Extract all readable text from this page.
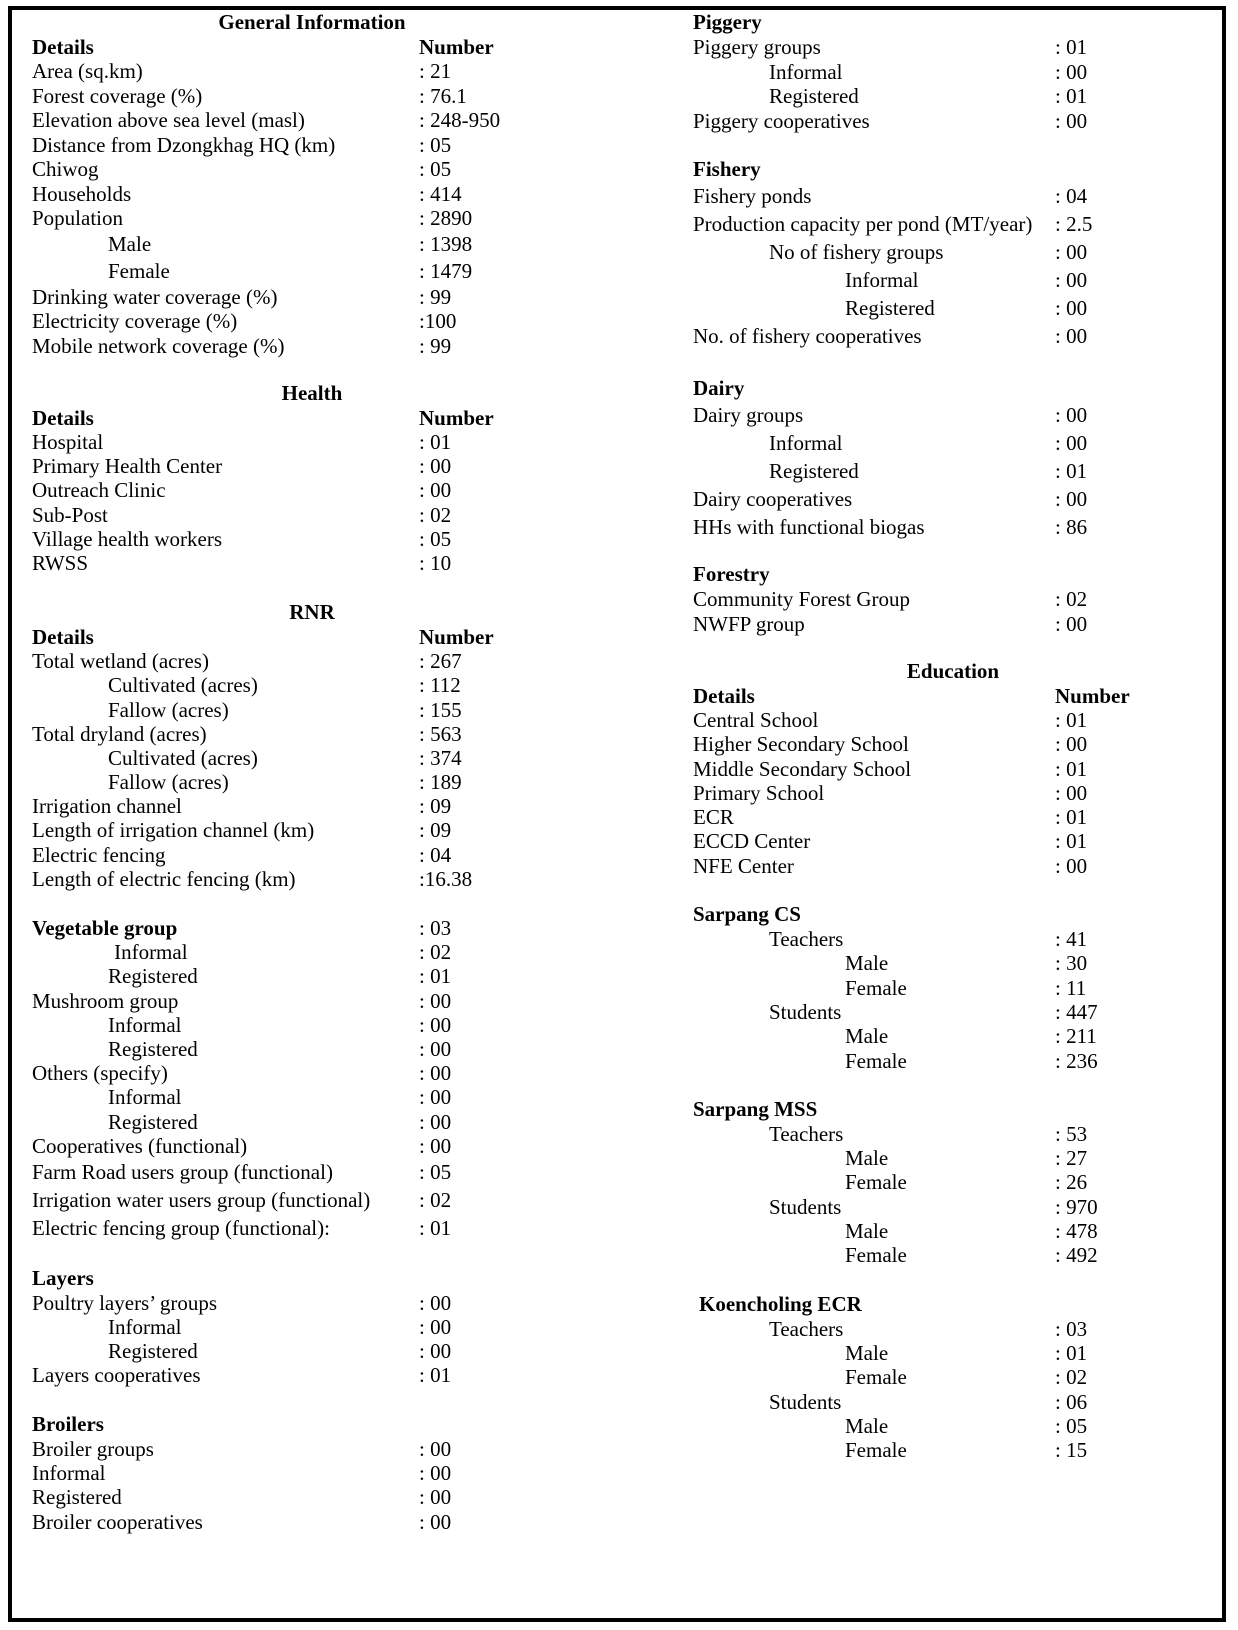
General Information
Details	Number
Area (sq.km)	: 21
Forest coverage (%)	: 76.1
Elevation above sea level (masl)	: 248-950
Distance from Dzongkhag HQ (km)	: 05
Chiwog	: 05
Households	: 414
Population	: 2890
Male	: 1398
Female	: 1479
Drinking water coverage (%)	: 99
Electricity coverage (%)	:100
Mobile network coverage (%)	: 99
Health
Details	Number
Hospital	: 01
Primary Health Center	: 00
Outreach Clinic	: 00
Sub-Post	: 02
Village health workers	: 05
RWSS	: 10
RNR
Details	Number
Total wetland (acres)	: 267
Cultivated (acres)	: 112
Fallow (acres)	: 155
Total dryland (acres)	: 563
Cultivated (acres)	: 374
Fallow (acres)	: 189
Irrigation channel	: 09
Length of irrigation channel (km)	: 09
Electric fencing	: 04
Length of electric fencing (km)	:16.38
Vegetable group	: 03
Informal	: 02
Registered	: 01
Mushroom group	: 00
Informal	: 00
Registered	: 00
Others (specify)	: 00
Informal	: 00
Registered	: 00
Cooperatives (functional)	: 00
Farm Road users group (functional)	: 05
Irrigation water users group (functional) : 02
Electric fencing group (functional):	: 01
Layers
Poultry layers’ groups	: 00
Informal	: 00
Registered	: 00
Layers cooperatives	: 01
Broilers
Broiler groups	: 00
Informal	: 00
Registered	: 00
Broiler cooperatives	: 00
Piggery
Piggery groups	: 01
Informal	: 00
Registered	: 01
Piggery cooperatives	: 00
Fishery
Fishery ponds	: 04
Production capacity per pond (MT/year) : 2.5
No of fishery groups	: 00
Informal	: 00
Registered	: 00
No. of fishery cooperatives	: 00
Dairy
Dairy groups	: 00
Informal	: 00
Registered	: 01
Dairy cooperatives	: 00
HHs with functional biogas	: 86
Forestry
Community Forest Group	: 02
NWFP group	: 00
Education
Details	Number
Central School	: 01
Higher Secondary School	: 00
Middle Secondary School	: 01
Primary School	: 00
ECR	: 01
ECCD Center	: 01
NFE Center	: 00
Sarpang CS
Teachers	: 41
Male	: 30
Female	: 11
Students	: 447
Male	: 211
Female	: 236
Sarpang MSS
Teachers	: 53
Male	: 27
Female	: 26
Students	: 970
Male	: 478
Female	: 492
Koencholing ECR
Teachers	: 03
Male	: 01
Female	: 02
Students	: 06
Male	: 05
Female	: 15
